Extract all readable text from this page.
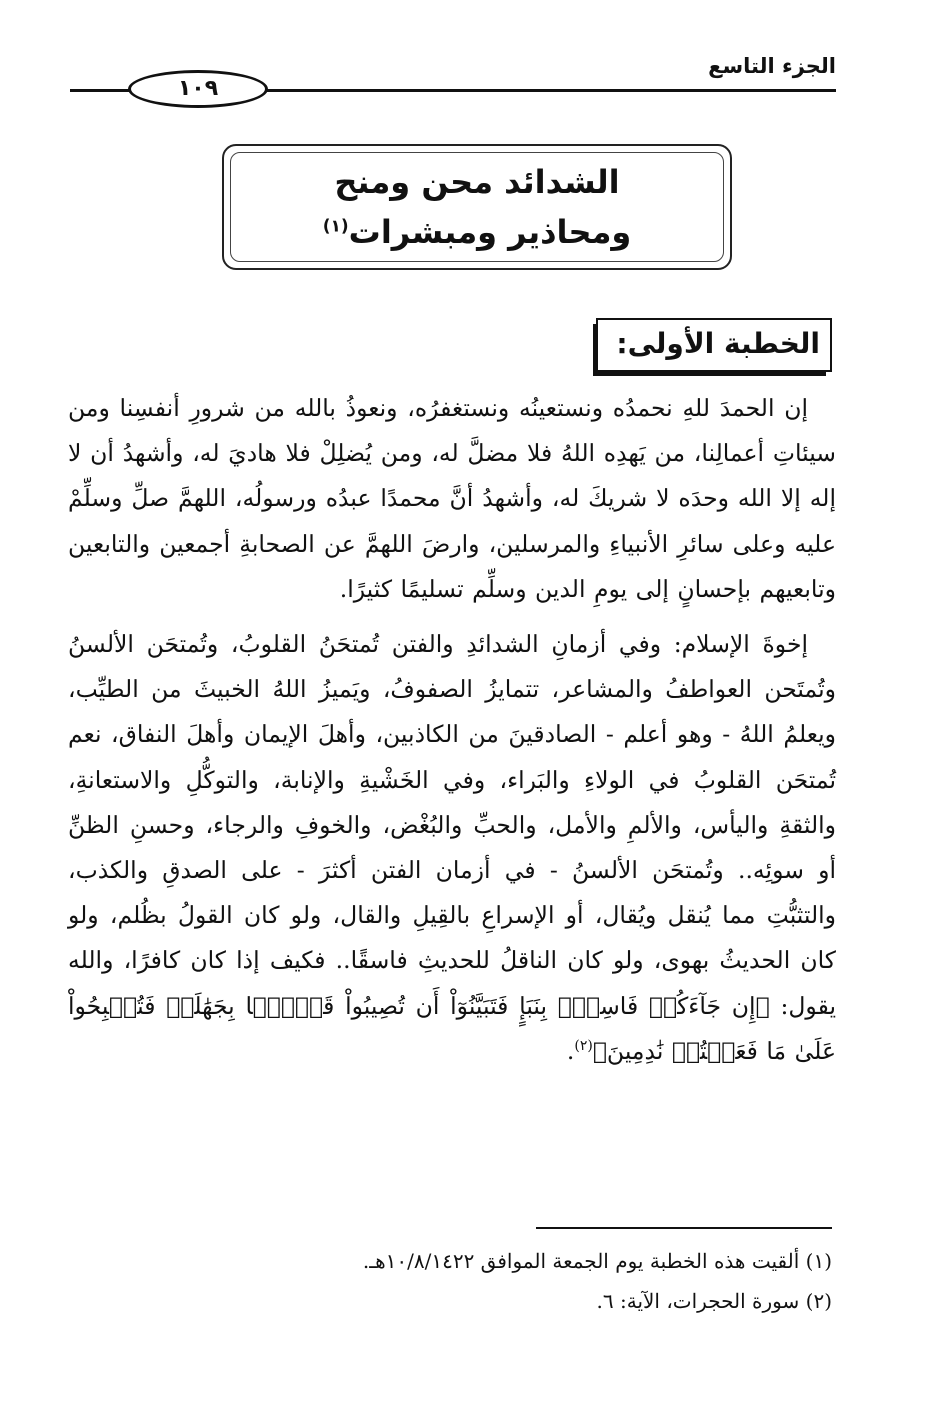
الجزء التاسع
١٠٩
الشدائد محن ومنح
ومحاذير ومبشرات$^{(١)}$
الخطبة الأولى:

إن الحمدَ للهِ نحمدُه ونستعينُه ونستغفرُه، ونعوذُ بالله من شرورِ أنفسِنا ومن سيئاتِ أعمالِنا، من يَهدِه اللهُ فلا مضلَّ له، ومن يُضلِلْ فلا هاديَ له، وأشهدُ أن لا إله إلا الله وحدَه لا شريكَ له، وأشهدُ أنَّ محمدًا عبدُه ورسولُه، اللهمَّ صلِّ وسلِّمْ عليه وعلى سائرِ الأنبياءِ والمرسلين، وارضَ اللهمَّ عن الصحابةِ أجمعين والتابعين وتابعيهم بإحسانٍ إلى يومِ الدين وسلِّم تسليمًا كثيرًا.

إخوةَ الإسلام: وفي أزمانِ الشدائدِ والفتن تُمتحَنُ القلوبُ، وتُمتحَن الألسنُ وتُمتَحن العواطفُ والمشاعر، تتمايزُ الصفوفُ، ويَميزُ اللهُ الخبيثَ من الطيِّب، ويعلمُ اللهُ - وهو أعلم - الصادقينَ من الكاذبين، وأهلَ الإيمان وأهلَ النفاق، نعم تُمتحَن القلوبُ في الولاءِ والبَراء، وفي الخَشْيةِ والإنابة، والتوكُّلِ والاستعانةِ، والثقةِ واليأس، والألمِ والأمل، والحبِّ والبُغْض، والخوفِ والرجاء، وحسنِ الظنِّ أو سوئِه.. وتُمتحَن الألسنُ - في أزمان الفتن أكثرَ - على الصدقِ والكذب، والتثبُّتِ مما يُنقل ويُقال، أو الإسراعِ بالقِيلِ والقال، ولو كان القولُ بظُلم، ولو كان الحديثُ بهوى، ولو كان الناقلُ للحديثِ فاسقًا.. فكيف إذا كان كافرًا، والله يقول: ﴿إِن جَآءَكُمۡ فَاسِقُۢ بِنَبَإٍ فَتَبَيَّنُوٓاْ أَن تُصِيبُواْ قَوۡمَۢا بِجَهَٰلَةٖ فَتُصۡبِحُواْ عَلَىٰ مَا فَعَلۡتُمۡ نَٰدِمِينَ﴾$^{(٢)}$.

(١) ألقيت هذه الخطبة يوم الجمعة الموافق ١٠/٨/١٤٢٢هـ.

(٢) سورة الحجرات، الآية: ٦.
